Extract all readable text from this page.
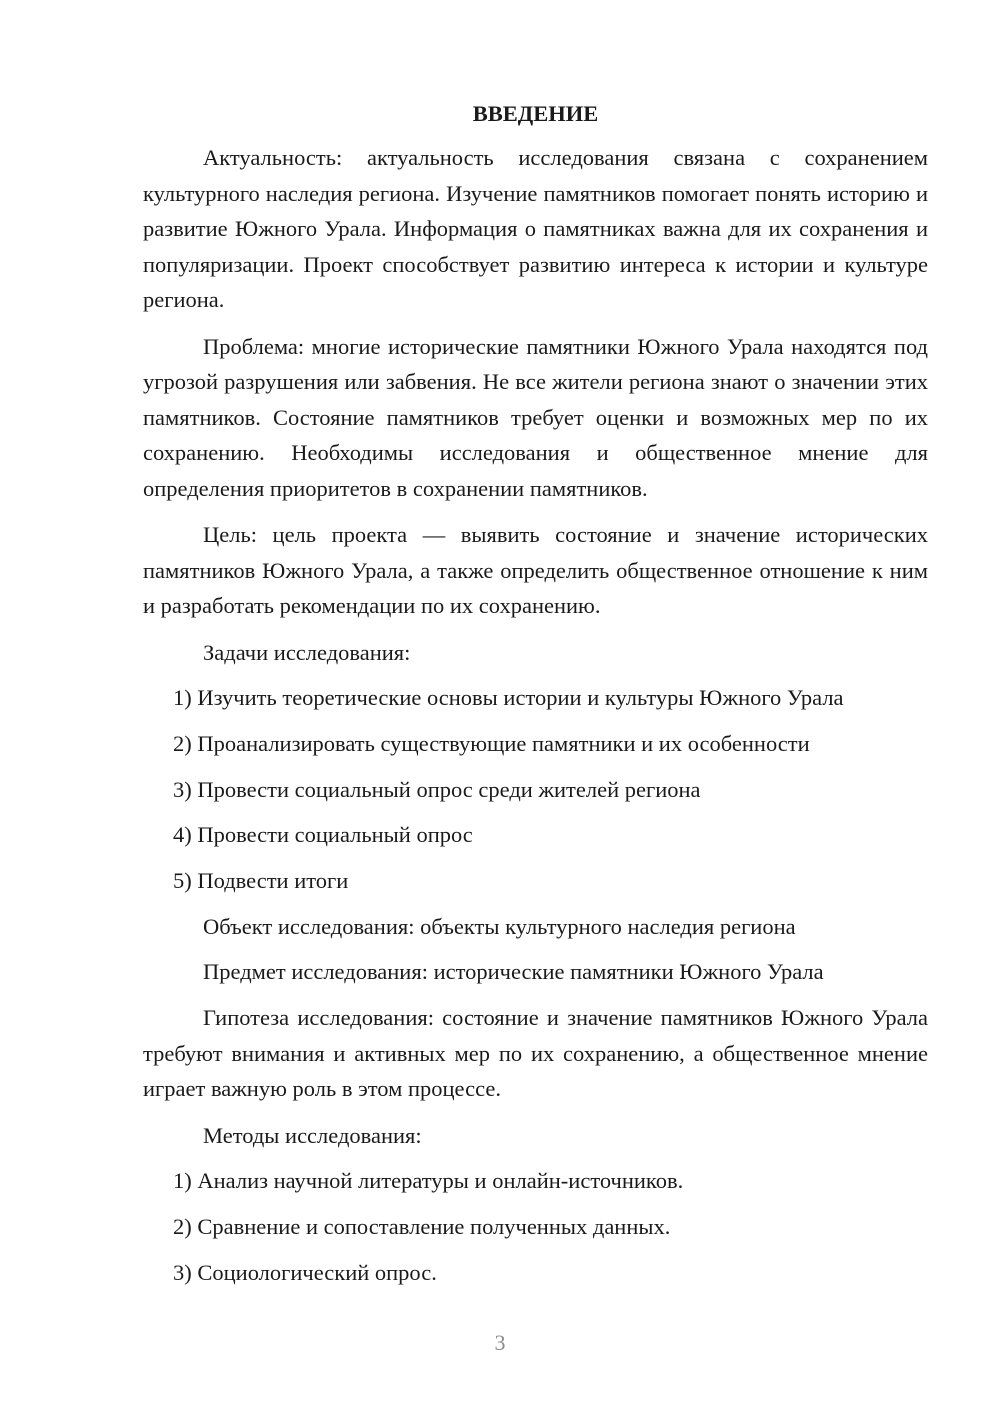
ВВЕДЕНИЕ

Актуальность: актуальность исследования связана с сохранением культурного наследия региона. Изучение памятников помогает понять историю и развитие Южного Урала. Информация о памятниках важна для их сохранения и популяризации. Проект способствует развитию интереса к истории и культуре региона.

Проблема: многие исторические памятники Южного Урала находятся под угрозой разрушения или забвения. Не все жители региона знают о значении этих памятников. Состояние памятников требует оценки и возможных мер по их сохранению. Необходимы исследования и общественное мнение для определения приоритетов в сохранении памятников.

Цель: цель проекта — выявить состояние и значение исторических памятников Южного Урала, а также определить общественное отношение к ним и разработать рекомендации по их сохранению.

Задачи исследования:
1) Изучить теоретические основы истории и культуры Южного Урала
2) Проанализировать существующие памятники и их особенности
3) Провести социальный опрос среди жителей региона
4) Провести социальный опрос
5) Подвести итоги
Объект исследования: объекты культурного наследия региона
Предмет исследования: исторические памятники Южного Урала

Гипотеза исследования: состояние и значение памятников Южного Урала требуют внимания и активных мер по их сохранению, а общественное мнение играет важную роль в этом процессе.

Методы исследования:
1) Анализ научной литературы и онлайн-источников.
2) Сравнение и сопоставление полученных данных.
3) Социологический опрос.
3
